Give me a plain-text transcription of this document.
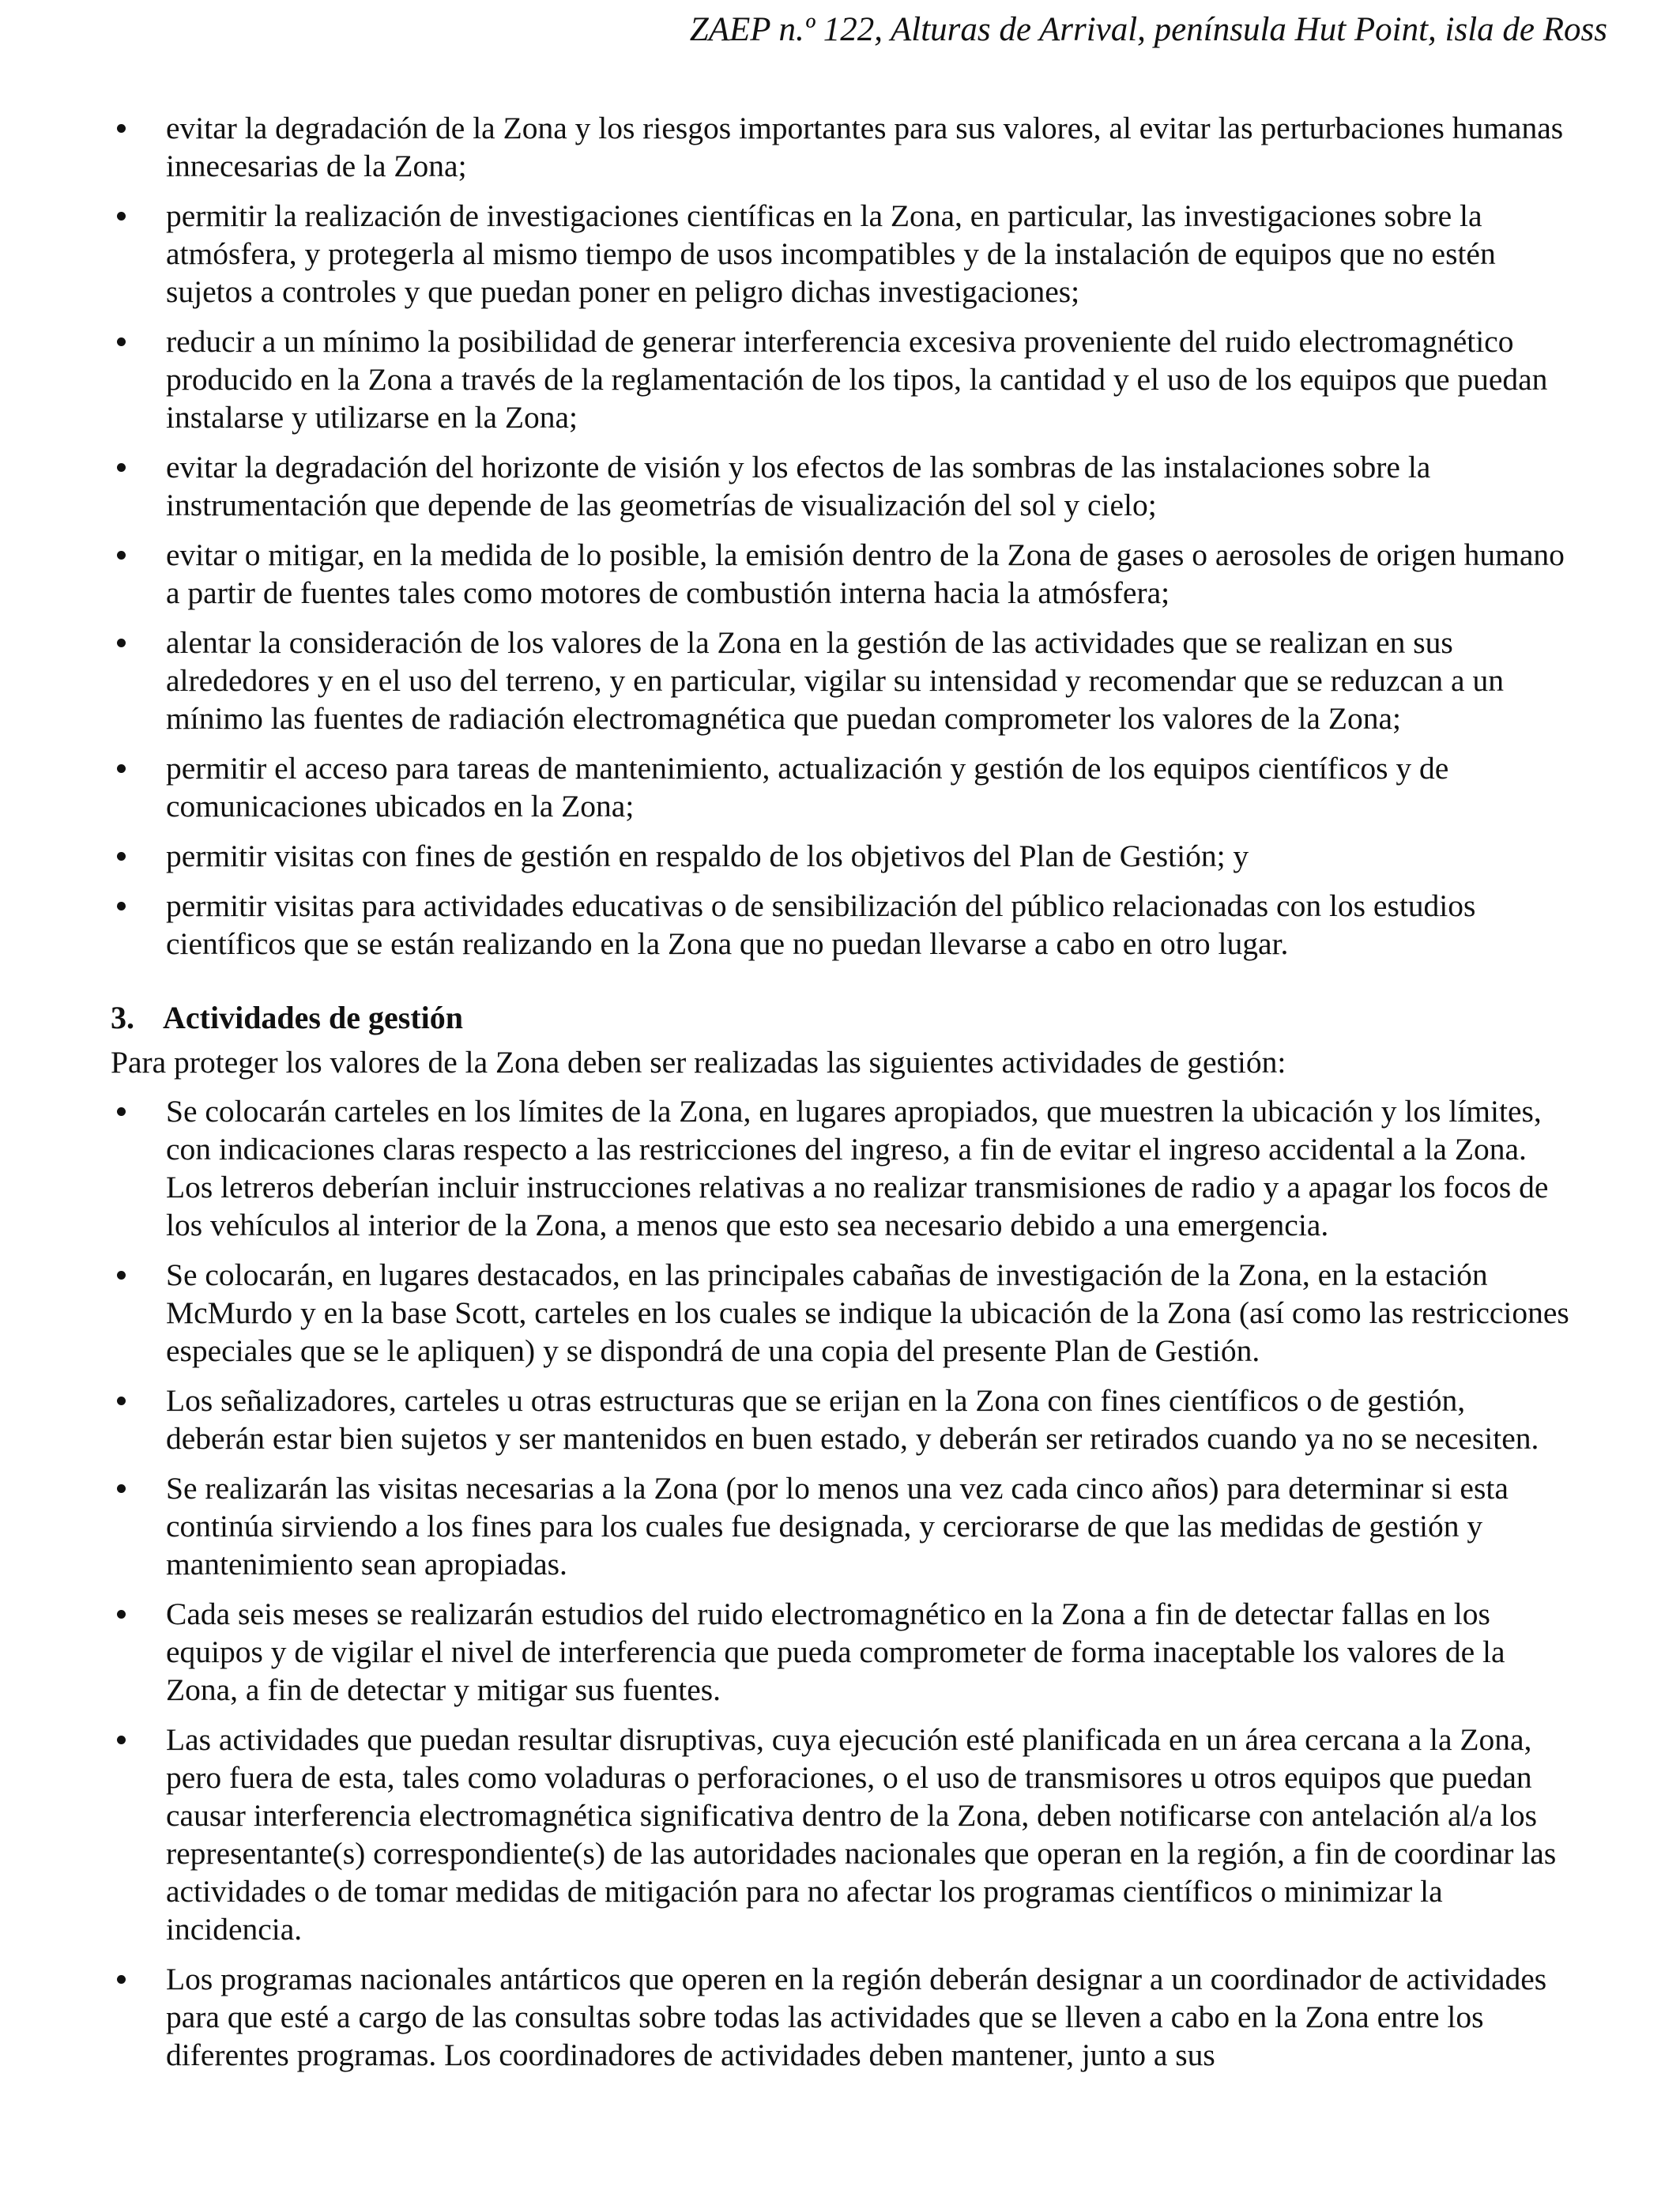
ZAEP n.º 122, Alturas de Arrival, península Hut Point, isla de Ross
evitar la degradación de la Zona y los riesgos importantes para sus valores, al evitar las perturbaciones humanas innecesarias de la Zona;
permitir la realización de investigaciones científicas en la Zona, en particular, las investigaciones sobre la atmósfera, y protegerla al mismo tiempo de usos incompatibles y de la instalación de equipos que no estén sujetos a controles y que puedan poner en peligro dichas investigaciones;
reducir a un mínimo la posibilidad de generar interferencia excesiva proveniente del ruido electromagnético producido en la Zona a través de la reglamentación de los tipos, la cantidad y el uso de los equipos que puedan instalarse y utilizarse en la Zona;
evitar la degradación del horizonte de visión y los efectos de las sombras de las instalaciones sobre la instrumentación que depende de las geometrías de visualización del sol y cielo;
evitar o mitigar, en la medida de lo posible, la emisión dentro de la Zona de gases o aerosoles de origen humano a partir de fuentes tales como motores de combustión interna hacia la atmósfera;
alentar la consideración de los valores de la Zona en la gestión de las actividades que se realizan en sus alrededores y en el uso del terreno, y en particular, vigilar su intensidad y recomendar que se reduzcan a un mínimo las fuentes de radiación electromagnética que puedan comprometer los valores de la Zona;
permitir el acceso para tareas de mantenimiento, actualización y gestión de los equipos científicos y de comunicaciones ubicados en la Zona;
permitir visitas con fines de gestión en respaldo de los objetivos del Plan de Gestión; y
permitir visitas para actividades educativas o de sensibilización del público relacionadas con los estudios científicos que se están realizando en la Zona que no puedan llevarse a cabo en otro lugar.
3. Actividades de gestión

Para proteger los valores de la Zona deben ser realizadas las siguientes actividades de gestión:

Se colocarán carteles en los límites de la Zona, en lugares apropiados, que muestren la ubicación y los límites, con indicaciones claras respecto a las restricciones del ingreso, a fin de evitar el ingreso accidental a la Zona. Los letreros deberían incluir instrucciones relativas a no realizar transmisiones de radio y a apagar los focos de los vehículos al interior de la Zona, a menos que esto sea necesario debido a una emergencia.
Se colocarán, en lugares destacados, en las principales cabañas de investigación de la Zona, en la estación McMurdo y en la base Scott, carteles en los cuales se indique la ubicación de la Zona (así como las restricciones especiales que se le apliquen) y se dispondrá de una copia del presente Plan de Gestión.
Los señalizadores, carteles u otras estructuras que se erijan en la Zona con fines científicos o de gestión, deberán estar bien sujetos y ser mantenidos en buen estado, y deberán ser retirados cuando ya no se necesiten.
Se realizarán las visitas necesarias a la Zona (por lo menos una vez cada cinco años) para determinar si esta continúa sirviendo a los fines para los cuales fue designada, y cerciorarse de que las medidas de gestión y mantenimiento sean apropiadas.
Cada seis meses se realizarán estudios del ruido electromagnético en la Zona a fin de detectar fallas en los equipos y de vigilar el nivel de interferencia que pueda comprometer de forma inaceptable los valores de la Zona, a fin de detectar y mitigar sus fuentes.
Las actividades que puedan resultar disruptivas, cuya ejecución esté planificada en un área cercana a la Zona, pero fuera de esta, tales como voladuras o perforaciones, o el uso de transmisores u otros equipos que puedan causar interferencia electromagnética significativa dentro de la Zona, deben notificarse con antelación al/a los representante(s) correspondiente(s) de las autoridades nacionales que operan en la región, a fin de coordinar las actividades o de tomar medidas de mitigación para no afectar los programas científicos o minimizar la incidencia.
Los programas nacionales antárticos que operen en la región deberán designar a un coordinador de actividades para que esté a cargo de las consultas sobre todas las actividades que se lleven a cabo en la Zona entre los diferentes programas. Los coordinadores de actividades deben mantener, junto a sus
